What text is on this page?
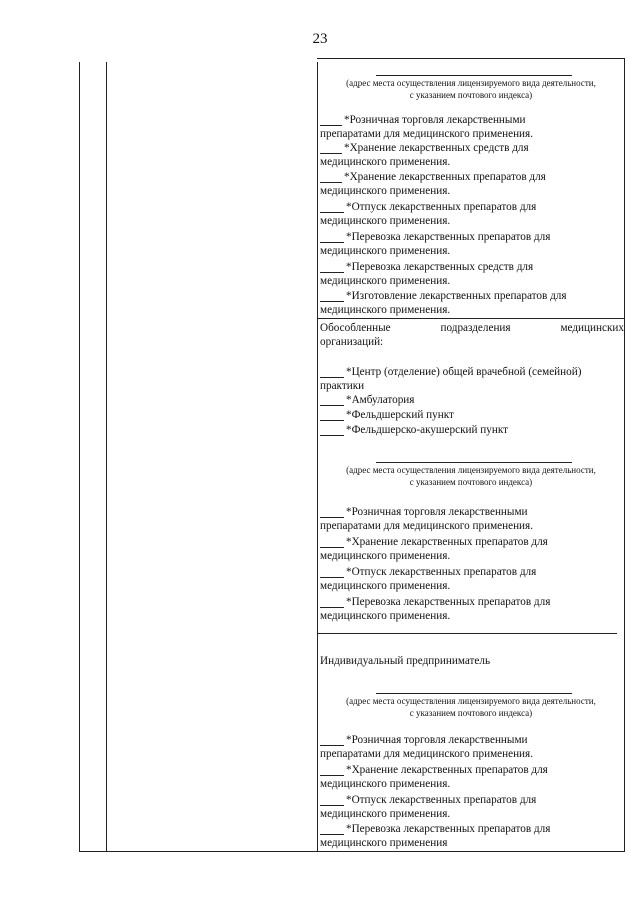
23
(адрес места осуществления лицензируемого вида деятельности,
с указанием почтового индекса)
*Розничная торговля лекарственными
препаратами для медицинского применения.
*Хранение лекарственных средств для
медицинского применения.
*Хранение лекарственных препаратов для
медицинского применения.
*Отпуск лекарственных препаратов для
медицинского применения.
*Перевозка лекарственных препаратов для
медицинского применения.
*Перевозка лекарственных средств для
медицинского применения.
*Изготовление лекарственных препаратов для
медицинского применения.
Обособленные	подразделения	медицинских
организаций:
*Центр (отделение) общей врачебной (семейной)
практики
*Амбулатория
*Фельдшерский пункт
*Фельдшерско-акушерский пункт
(адрес места осуществления лицензируемого вида деятельности,
с указанием почтового индекса)
*Розничная торговля лекарственными
препаратами для медицинского применения.
*Хранение лекарственных препаратов для
медицинского применения.
*Отпуск лекарственных препаратов для
медицинского применения.
*Перевозка лекарственных препаратов для
медицинского применения.
Индивидуальный предприниматель
(адрес места осуществления лицензируемого вида деятельности,
с указанием почтового индекса)
*Розничная торговля лекарственными
препаратами для медицинского применения.
*Хранение лекарственных препаратов для
медицинского применения.
*Отпуск лекарственных препаратов для
медицинского применения.
*Перевозка лекарственных препаратов для
медицинского применения
